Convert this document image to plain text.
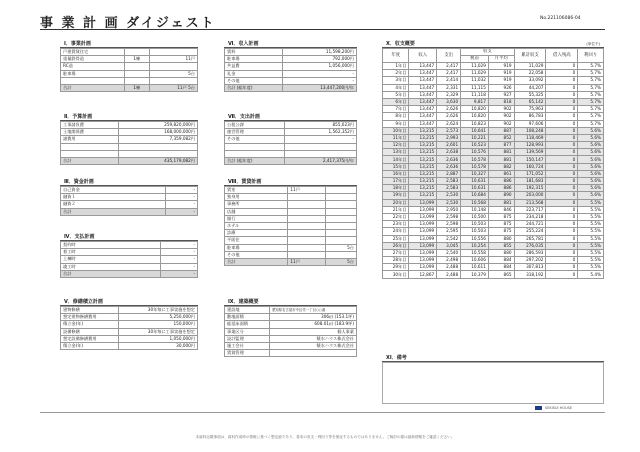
事 業 計 画 ダイジェスト	No.221106086-04
Ⅰ．事業計画
戸建賃貸住宅		
重量鉄骨造	1棟	11戸
RC造		
駐車場		5台

合計	1棟	11戸 5台
Ⅱ．予算計画
工事請負費	259,820,000円
土地関係費	168,000,000円
諸費用	7,359,082円

合計	435,179,082円
Ⅲ．資金計画
自己資金	-
融資１	-
融資２	-
合計	-
Ⅳ．支払計画
契約時	-
着工時	-
上棟時	-
竣工時	-
合計	-
Ⅴ．修繕積立計画
建物修繕	30年毎に工事実施を想定
想定建物修繕費用	5,250,000円
積立金(年)	150,000円
設備修繕	30年毎に工事実施を想定
想定設備修繕費用	1,050,000円
積立金(年)	30,000円
Ⅵ．収入計画
賃料	11,598,200円
駐車場	792,000円
共益費	1,056,000円
礼金	-
その他	-
合計 (総年度)	13,447,200円/年
Ⅶ．支出計画
公租公課	855,023円
運営管理	1,562,352円
その他	-

合計 (総年度)	2,417,375円/年
Ⅷ．賃貸計画
賃室	11戸	
独身用		
事務所		
店舗		
銀行		
ホテル		
診療		
平面住		
駐車場		5台
その他		
合計	11戸	5台
Ⅸ．建築概要
建設地	愛知県名古屋市中区栄一丁目○○番
敷地面積	306㎡ (153.1坪)
総延床面積	608.01㎡ (183.9坪)
事業区分	個人事業
設計監理	積水ハウス株式会社
施工会社	積水ハウス株式会社
賃貸管理	
Ⅹ．収支概要	(単位千)
年度	収入	支出	収支		累計収支	借入残高	利回り
			税前	月平均			
1年目	13,447	2,417	11,029	919	11,029	0	5.7%
2年目	13,447	2,417	11,029	919	22,058	0	5.7%
3年目	13,447	2,414	11,032	919	33,092	0	5.7%
4年目	13,447	2,331	11,115	926	44,207	0	5.7%
5年目	13,447	2,329	11,118	927	55,325	0	5.7%
6年目	13,447	3,630	9,817	818	65,142	0	5.7%
7年目	13,447	2,626	10,820	902	75,963	0	5.7%
8年目	13,447	2,626	10,820	902	86,783	0	5.7%
9年目	13,447	2,624	10,823	902	97,606	0	5.7%
10年目	13,215	2,573	10,641	887	108,248	0	5.6%
11年目	13,215	2,993	10,221	852	118,469	0	5.6%
12年目	13,215	2,601	10,523	877	128,993	0	5.6%
13年目	13,215	2,638	10,576	881	139,569	0	5.6%
14年目	13,215	2,636	10,578	881	150,147	0	5.6%
15年目	13,215	2,636	10,578	882	160,724	0	5.6%
16年目	13,215	2,887	10,327	861	171,052	0	5.6%
17年目	13,215	2,583	10,631	886	181,683	0	5.6%
18年目	13,215	2,583	10,631	886	192,315	0	5.6%
19年目	13,215	2,530	10,684	890	203,000	0	5.6%
20年目	13,099	2,530	10,568	881	213,568	0	5.5%
21年目	13,099	2,950	10,148	846	223,717	0	5.5%
22年目	13,099	2,598	10,500	875	234,218	0	5.5%
23年目	13,099	2,598	10,503	875	244,721	0	5.5%
24年目	13,099	2,595	10,503	875	255,224	0	5.5%
25年目	13,099	2,542	10,556	880	265,781	0	5.5%
26年目	13,099	3,045	10,254	855	276,035	0	5.5%
27年目	13,099	2,540	10,558	880	286,593	0	5.5%
28年目	13,099	2,498	10,606	884	297,202	0	5.5%
29年目	13,099	2,488	10,611	884	307,813	0	5.5%
30年目	12,867	2,488	10,379	865	318,192	0	5.4%
ⅩⅠ．備考
SEKISUI HOUSE
本資料記載事項は、資料作成時の情報に基づく想定値であり、将来の収支・利回り等を保証するものではありません。ご検討の際は最新情報をご確認ください。
